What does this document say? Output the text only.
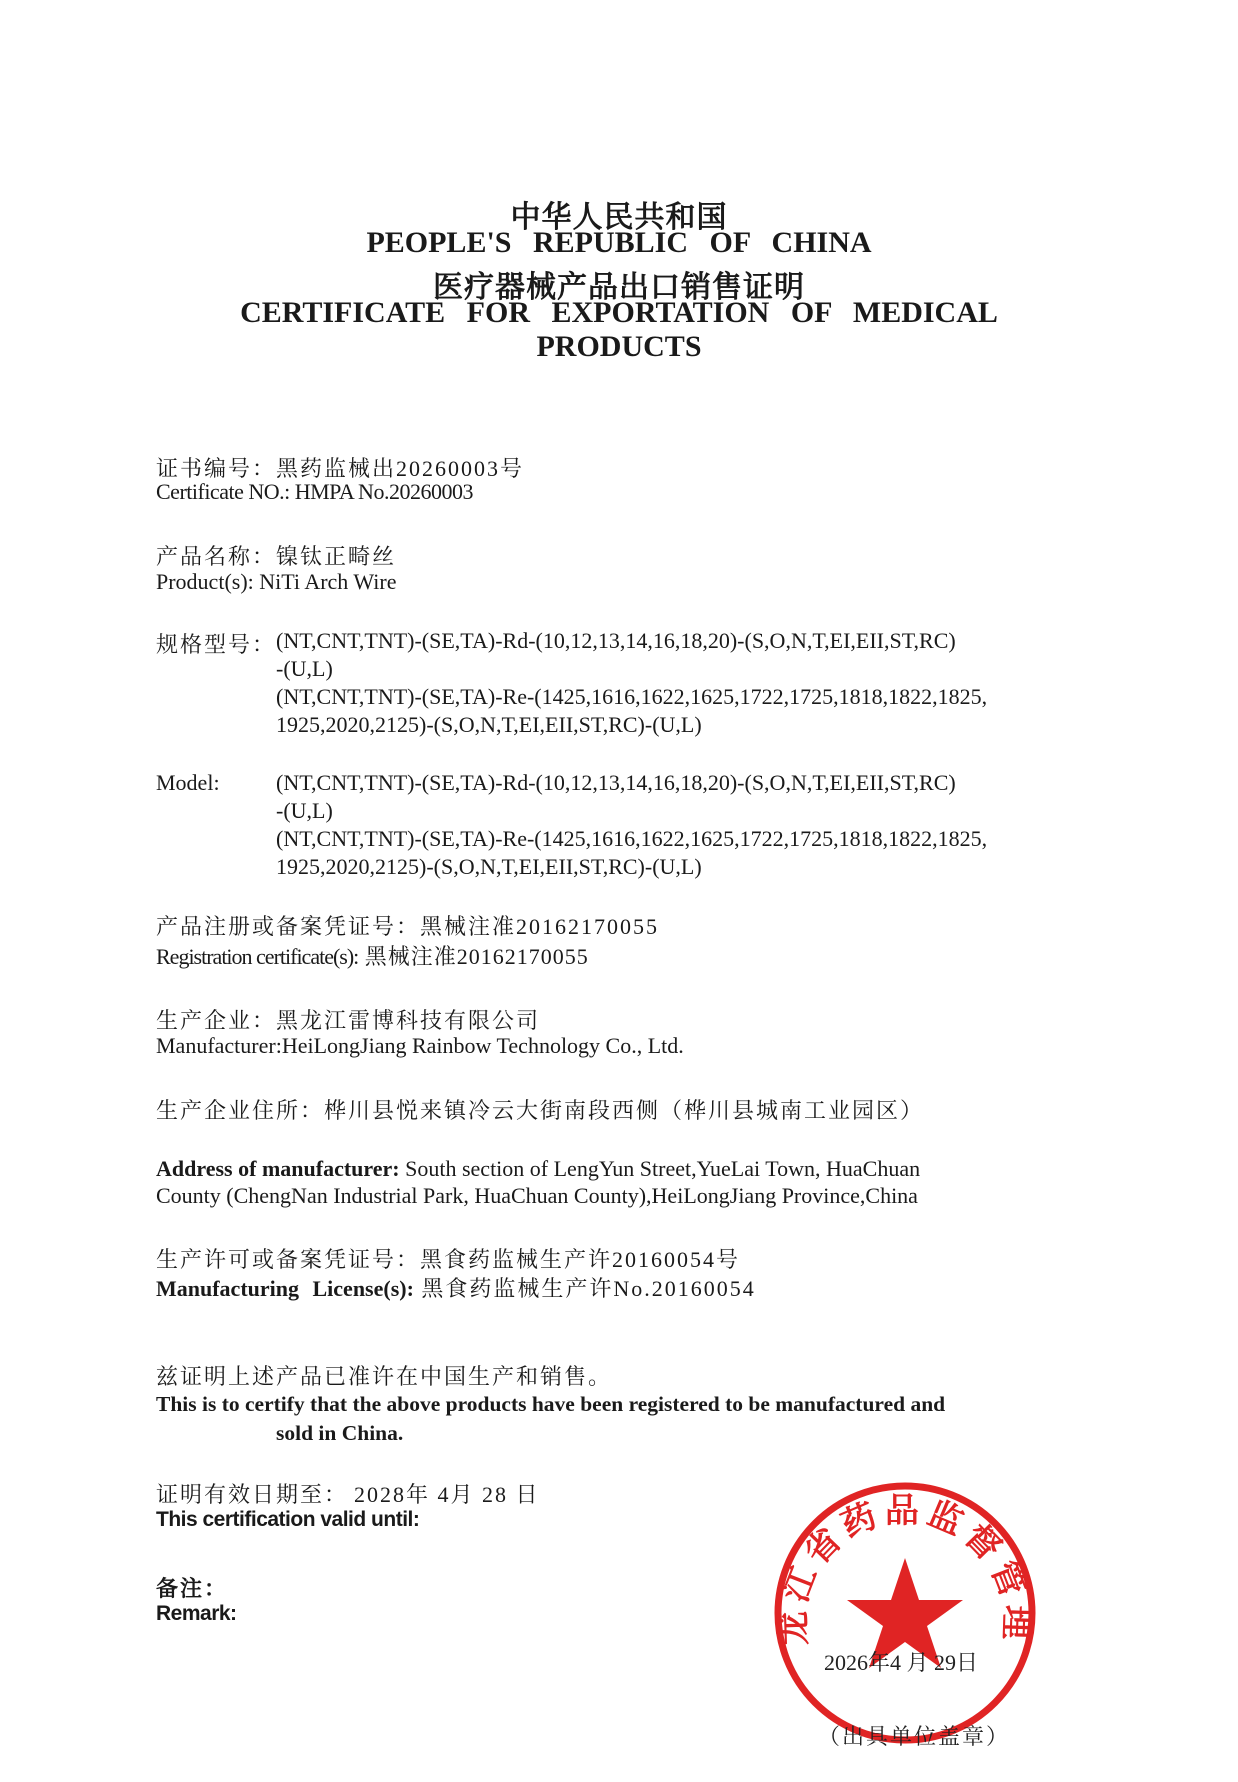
中华人民共和国
PEOPLE'S REPUBLIC OF CHINA
医疗器械产品出口销售证明
CERTIFICATE FOR EXPORTATION OF MEDICAL
PRODUCTS
证书编号：黑药监械出20260003号
Certificate NO.: HMPA No.20260003
产品名称：镍钛正畸丝
Product(s): NiTi Arch Wire
规格型号： (NT,CNT,TNT)-(SE,TA)-Rd-(10,12,13,14,16,18,20)-(S,O,N,T,EI,EII,ST,RC)
-(U,L)
(NT,CNT,TNT)-(SE,TA)-Re-(1425,1616,1622,1625,1722,1725,1818,1822,1825,
1925,2020,2125)-(S,O,N,T,EI,EII,ST,RC)-(U,L)
Model:	(NT,CNT,TNT)-(SE,TA)-Rd-(10,12,13,14,16,18,20)-(S,O,N,T,EI,EII,ST,RC)
-(U,L)
(NT,CNT,TNT)-(SE,TA)-Re-(1425,1616,1622,1625,1722,1725,1818,1822,1825,
1925,2020,2125)-(S,O,N,T,EI,EII,ST,RC)-(U,L)
产品注册或备案凭证号：黑械注准20162170055
Registration certificate(s): 黑械注准20162170055
生产企业：黑龙江雷博科技有限公司
Manufacturer:HeiLongJiang Rainbow Technology Co., Ltd.
生产企业住所：桦川县悦来镇冷云大街南段西侧（桦川县城南工业园区）
Address of manufacturer: South section of LengYun Street,YueLai Town, HuaChuan
County (ChengNan Industrial Park, HuaChuan County),HeiLongJiang Province,China
生产许可或备案凭证号：黑食药监械生产许20160054号
Manufacturing License(s): 黑食药监械生产许No.20160054
兹证明上述产品已准许在中国生产和销售。
This is to certify that the above products have been registered to be manufactured and
sold in China.
证明有效日期至： 2028年 4月 28 日
This certification valid until:
备注：
Remark:	龙江省药品监督管理
2026年4 月 29日
（出具单位盖章）
